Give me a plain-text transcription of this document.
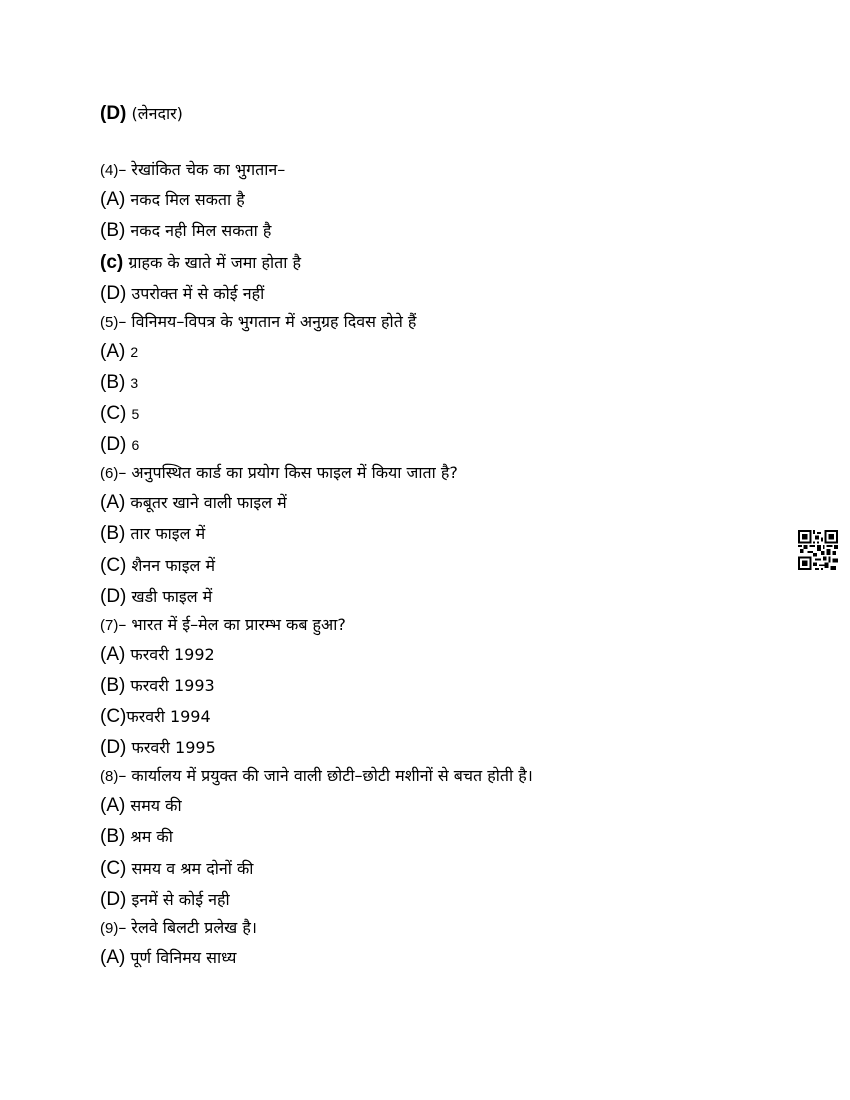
(D) (लेनदार)

(4)– रेखांकित चेक का भुगतान–

(A) नकद मिल सकता है

(B) नकद नही मिल सकता है

(c) ग्राहक के खाते में जमा होता है

(D) उपरोक्त में से कोई नहीं

(5)– विनिमय–विपत्र के भुगतान में अनुग्रह दिवस होते हैं

(A) 2

(B) 3

(C) 5

(D) 6

(6)– अनुपस्थित कार्ड का प्रयोग किस फाइल में किया जाता है?

(A) कबूतर खाने वाली फाइल में

(B) तार फाइल में

(C) शैनन फाइल में

(D) खडी फाइल में

(7)– भारत में ई–मेल का प्रारम्भ कब हुआ?

(A) फरवरी 1992

(B) फरवरी 1993

(C)फरवरी 1994

(D) फरवरी 1995

(8)– कार्यालय में प्रयुक्त की जाने वाली छोटी–छोटी मशीनों से बचत होती है।

(A) समय की

(B) श्रम की

(C) समय व श्रम दोनों की

(D) इनमें से कोई नही

(9)– रेलवे बिलटी प्रलेख है।

(A) पूर्ण विनिमय साध्य
